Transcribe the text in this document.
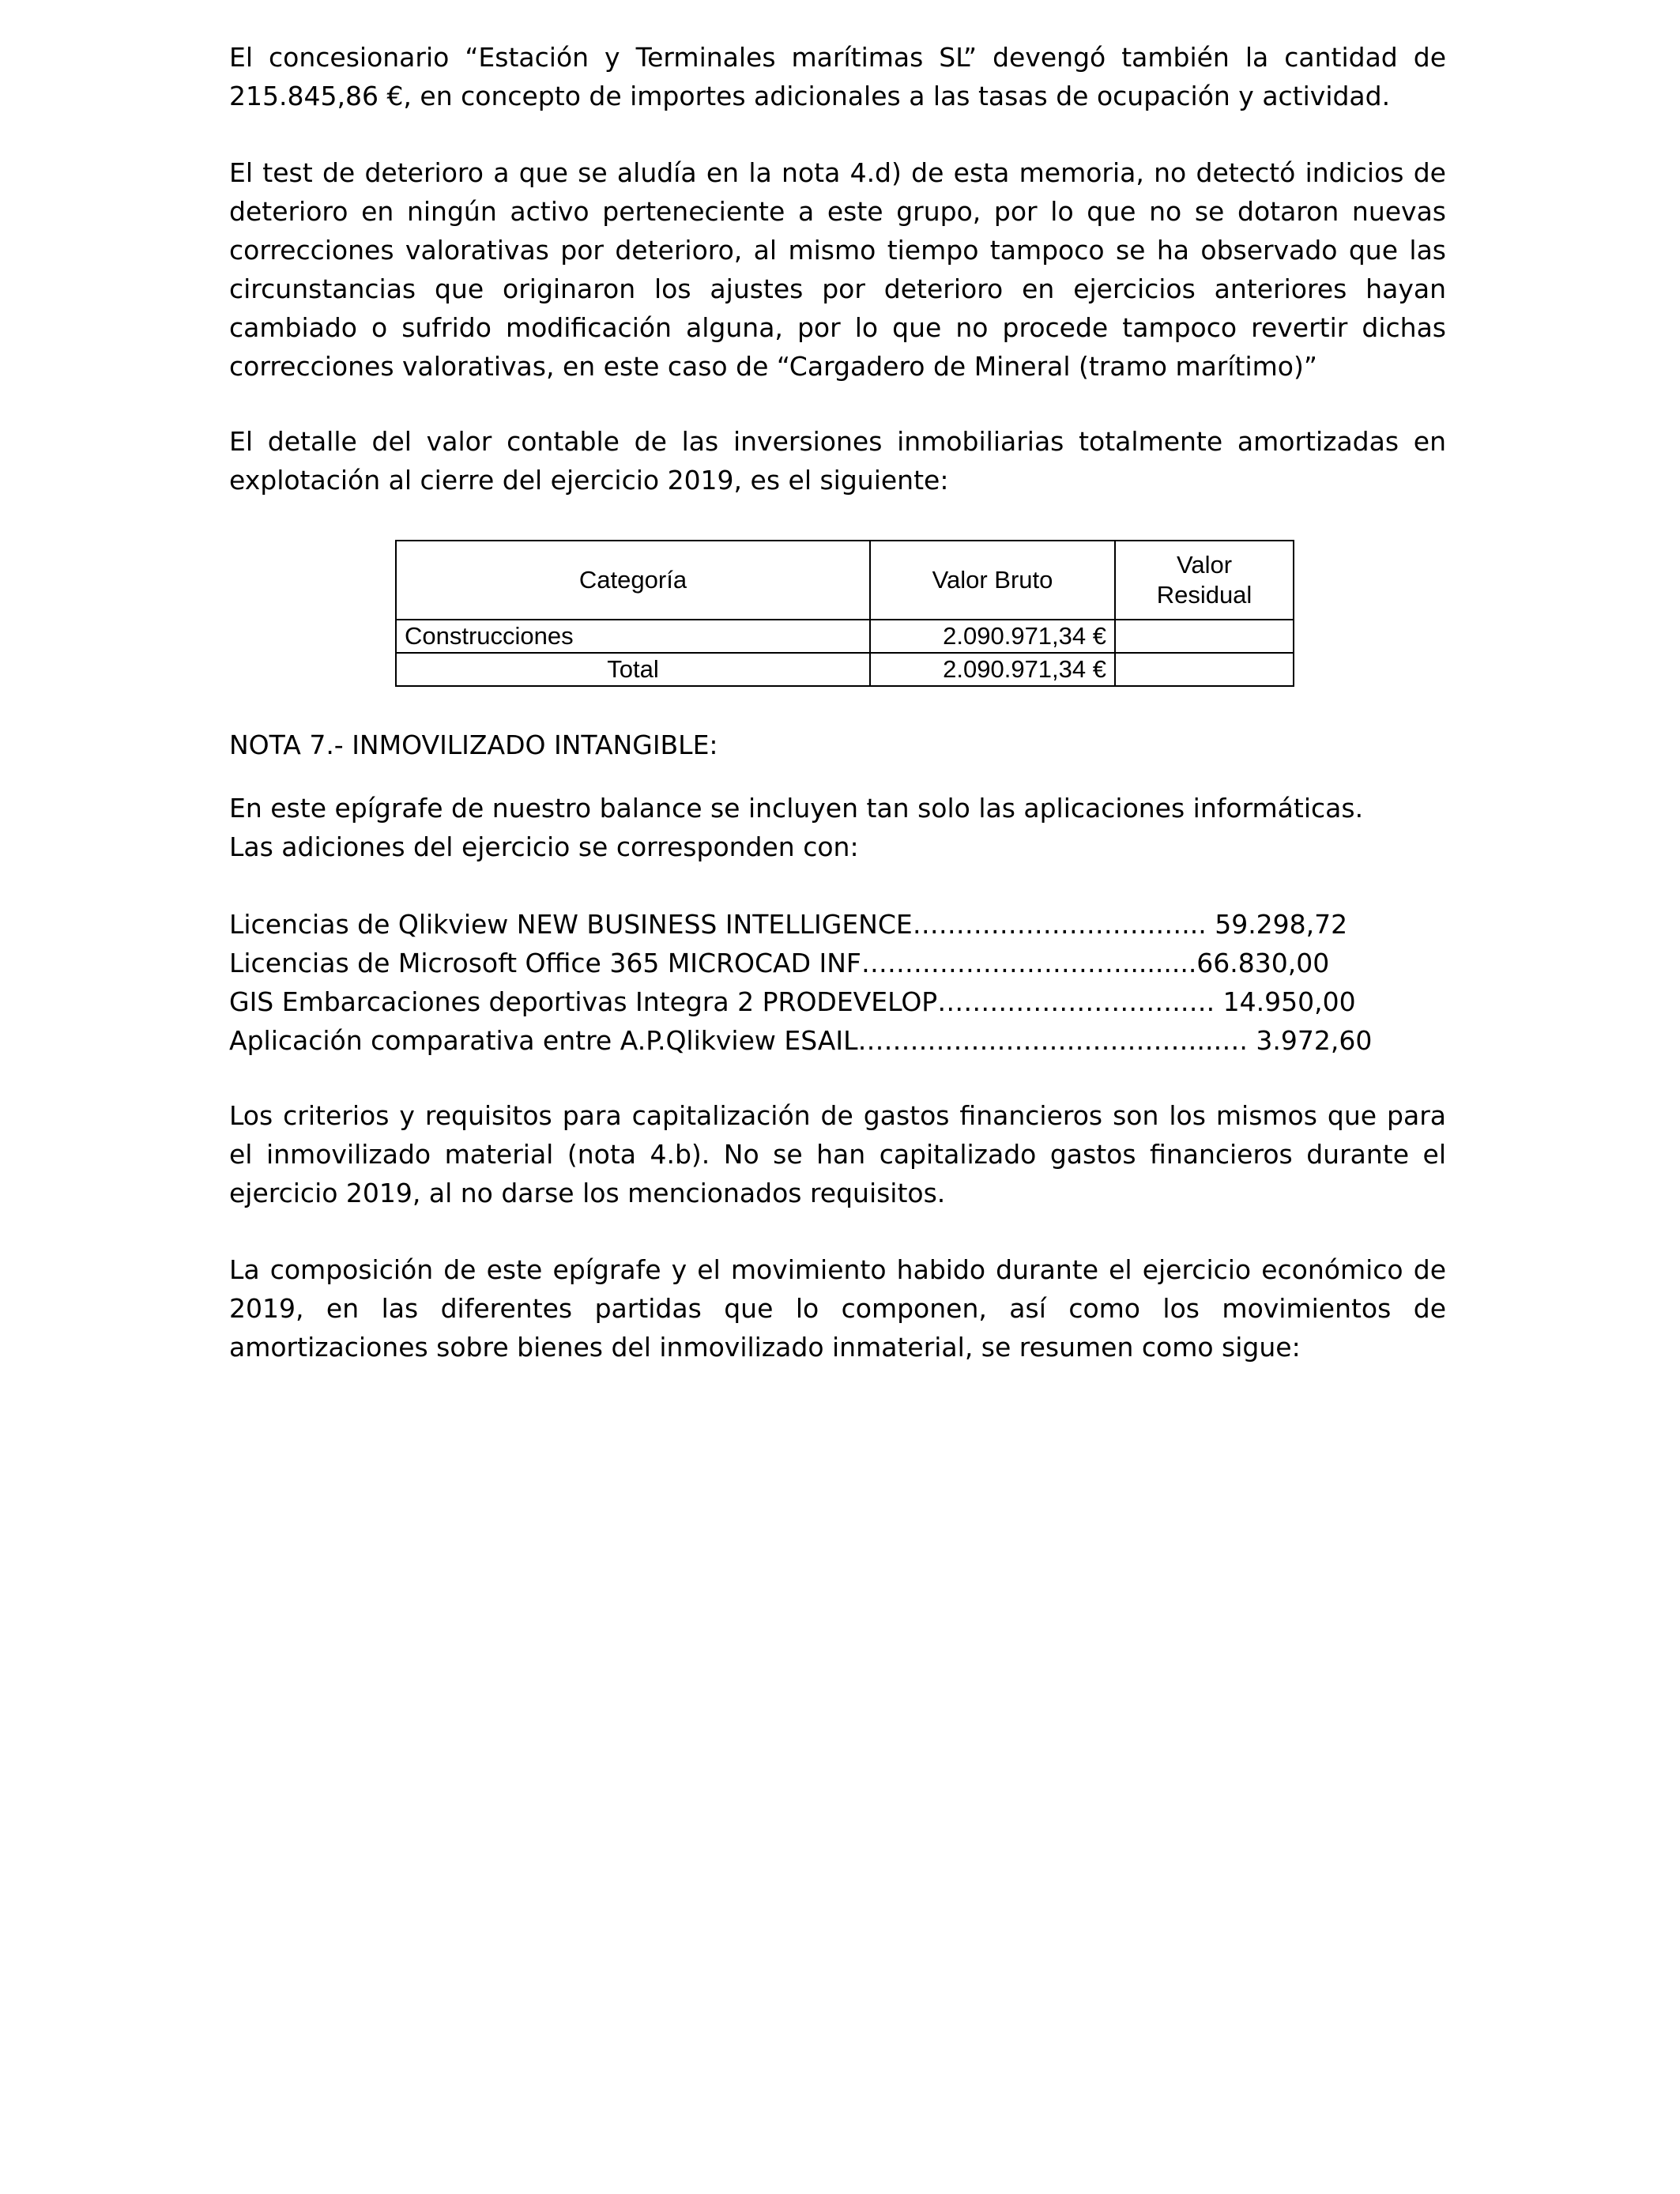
El concesionario “Estación y Terminales marítimas SL” devengó también la cantidad de
215.845,86 €, en concepto de importes adicionales a las tasas de ocupación y actividad.

El test de deterioro a que se aludía en la nota 4.d) de esta memoria, no detectó indicios de
deterioro en ningún activo perteneciente a este grupo, por lo que no se dotaron nuevas
correcciones valorativas por deterioro, al mismo tiempo tampoco se ha observado que las
circunstancias que originaron los ajustes por deterioro en ejercicios anteriores hayan
cambiado o sufrido modificación alguna, por lo que no procede tampoco revertir dichas
correcciones valorativas, en este caso de “Cargadero de Mineral (tramo marítimo)”

El detalle del valor contable de las inversiones inmobiliarias totalmente amortizadas en
explotación al cierre del ejercicio 2019, es el siguiente:

Categoría	Valor Bruto	Valor
Residual
Construcciones	2.090.971,34 €	
Total	2.090.971,34 €	

NOTA 7.- INMOVILIZADO INTANGIBLE:

En este epígrafe de nuestro balance se incluyen tan solo las aplicaciones informáticas.
Las adiciones del ejercicio se corresponden con:

Licencias de Qlikview NEW BUSINESS INTELLIGENCE……………………….…... 59.298,72
Licencias de Microsoft Office 365 MICROCAD INF………………………….........66.830,00
GIS Embarcaciones deportivas Integra 2 PRODEVELOP……………………….…. 14.950,00
Aplicación comparativa entre A.P.Qlikview ESAIL…………………………………..…. 3.972,60

Los criterios y requisitos para capitalización de gastos financieros son los mismos que para
el inmovilizado material (nota 4.b). No se han capitalizado gastos financieros durante el
ejercicio 2019, al no darse los mencionados requisitos.

La composición de este epígrafe y el movimiento habido durante el ejercicio económico de
2019, en las diferentes partidas que lo componen, así como los movimientos de
amortizaciones sobre bienes del inmovilizado inmaterial, se resumen como sigue:
